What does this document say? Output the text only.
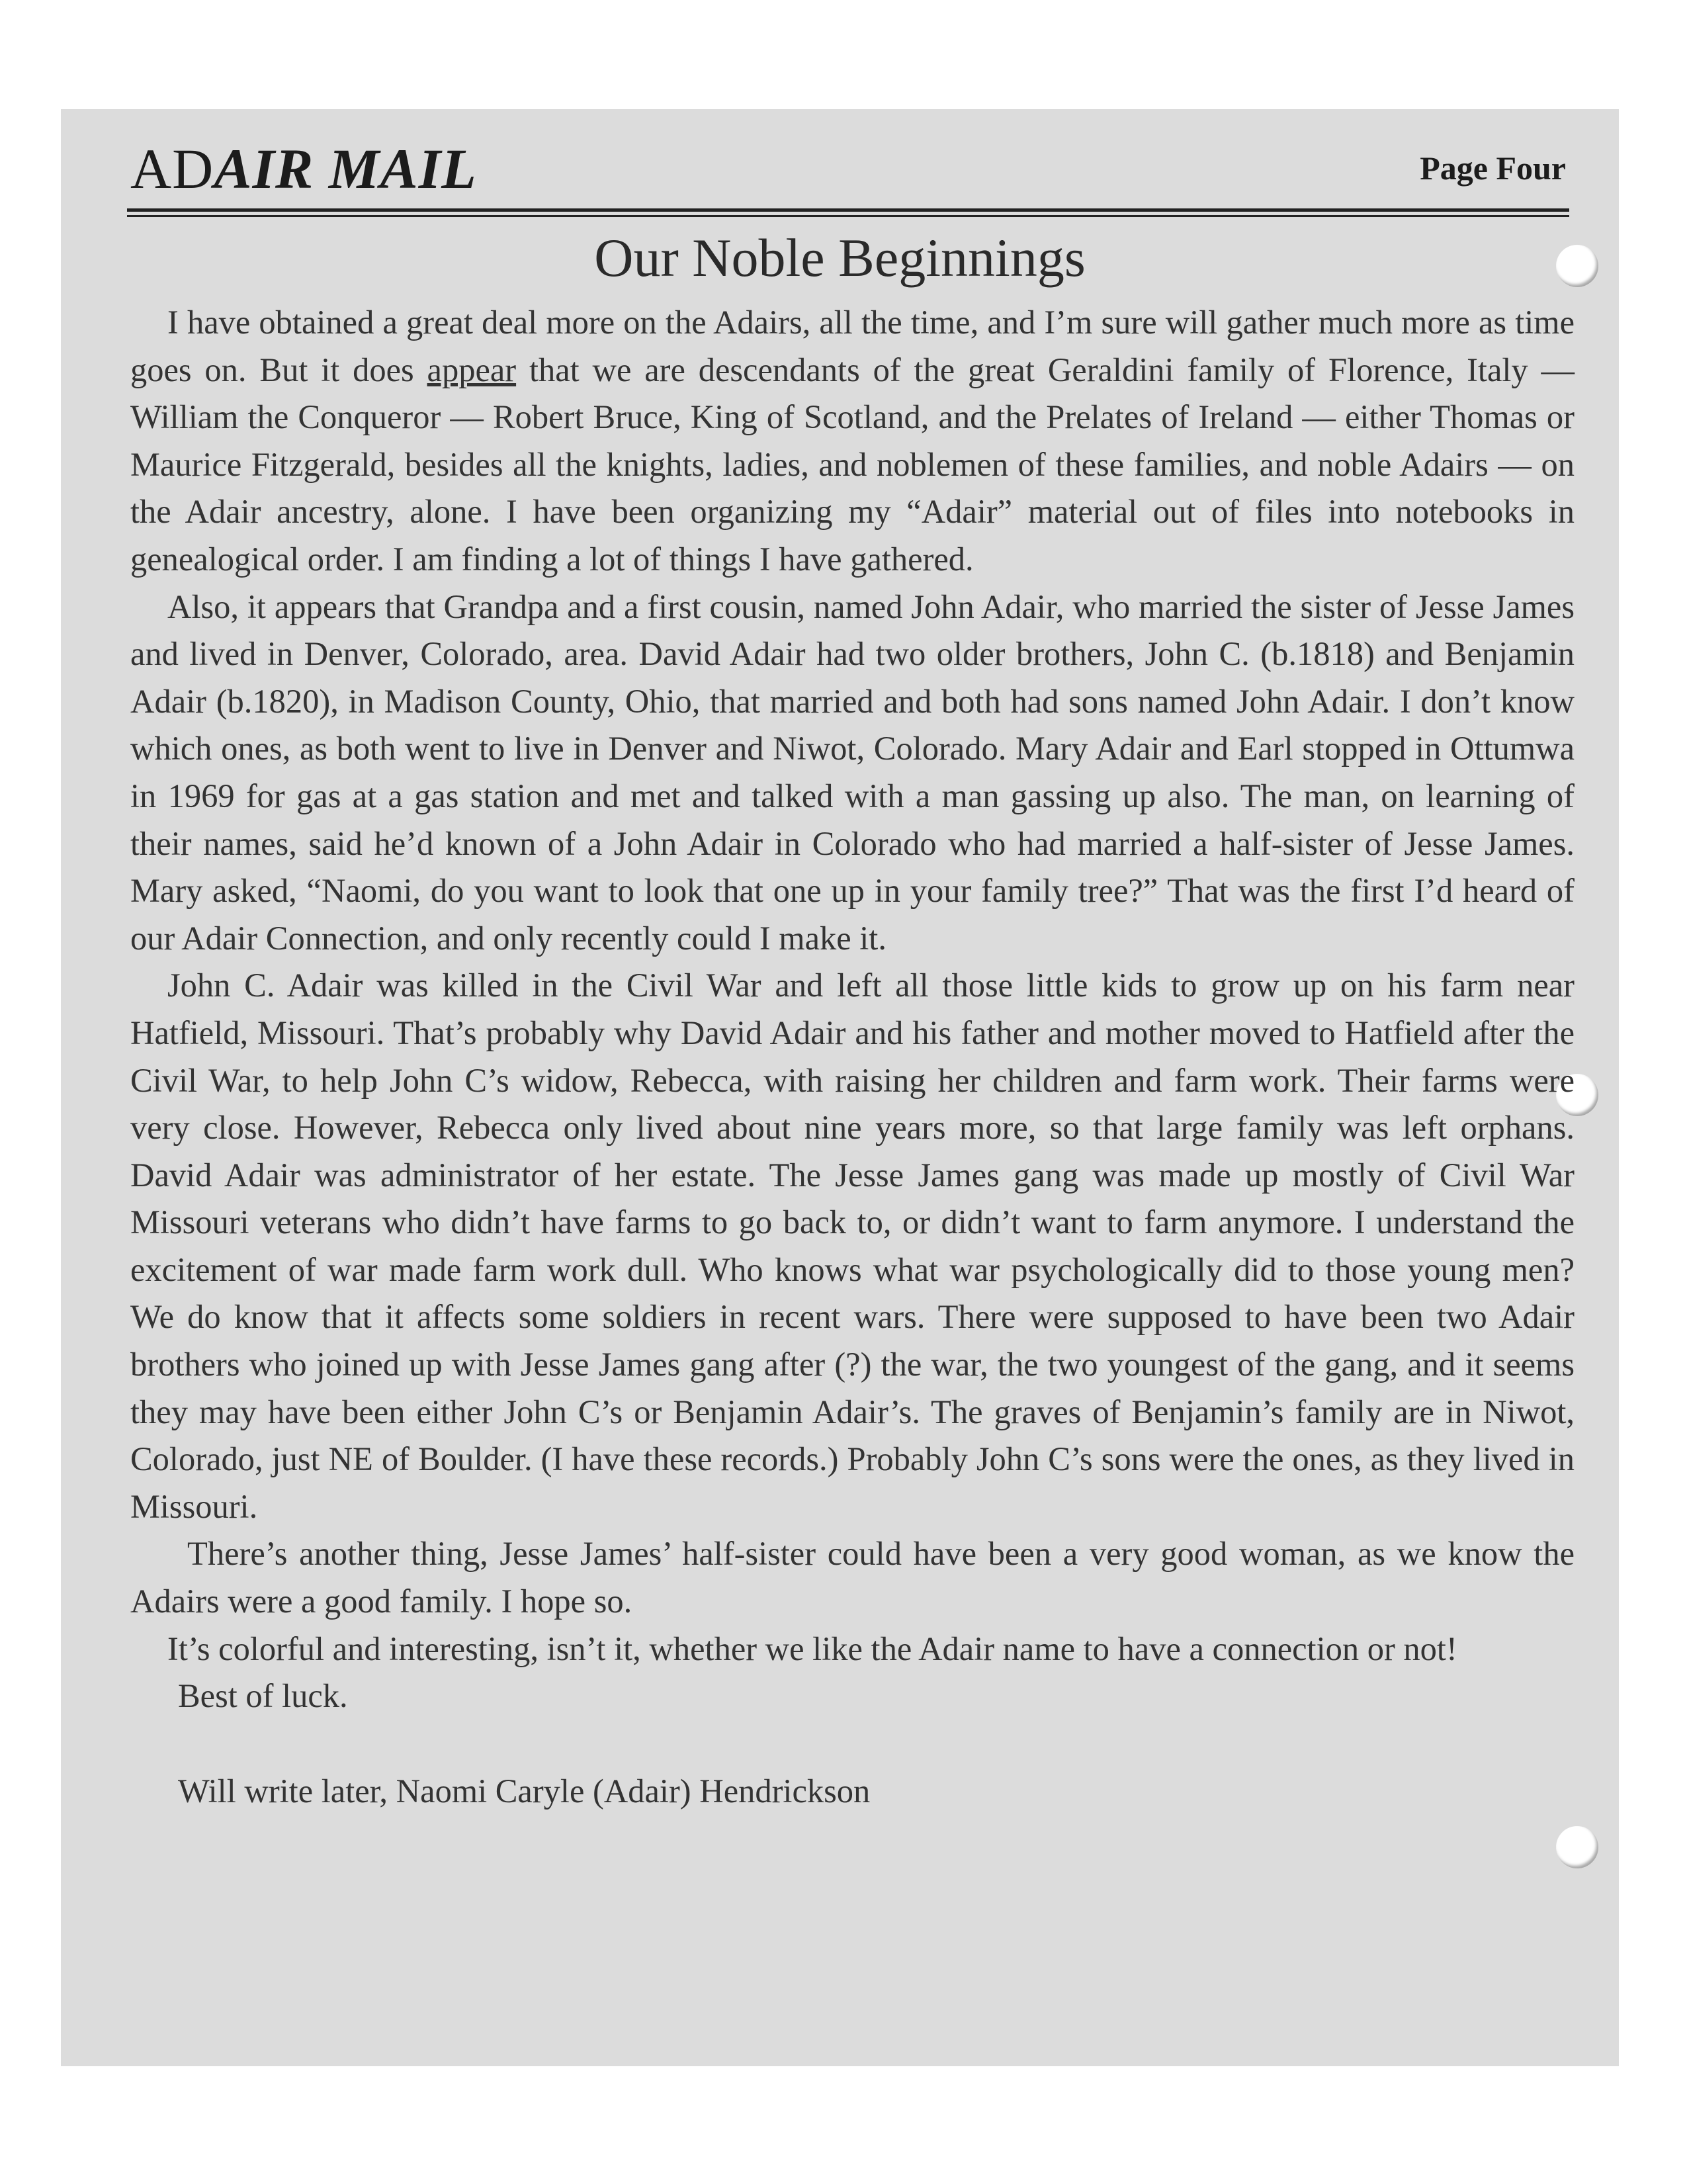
ADAIR MAIL	Page Four
Our Noble Beginnings

I have obtained a great deal more on the Adairs, all the time, and I’m sure will gather much more as time goes on. But it does appear that we are descendants of the great Geraldini family of Florence, Italy — William the Conqueror — Robert Bruce, King of Scotland, and the Prelates of Ireland — either Thomas or Maurice Fitzgerald, besides all the knights, ladies, and noblemen of these families, and noble Adairs — on the Adair ancestry, alone. I have been organizing my “Adair” material out of files into notebooks in genealogical order. I am finding a lot of things I have gathered.

Also, it appears that Grandpa and a first cousin, named John Adair, who married the sister of Jesse James and lived in Denver, Colorado, area. David Adair had two older brothers, John C. (b.1818) and Benjamin Adair (b.1820), in Madison County, Ohio, that married and both had sons named John Adair. I don’t know which ones, as both went to live in Denver and Niwot, Colorado. Mary Adair and Earl stopped in Ottumwa in 1969 for gas at a gas station and met and talked with a man gassing up also. The man, on learning of their names, said he’d known of a John Adair in Colorado who had married a half-sister of Jesse James. Mary asked, “Naomi, do you want to look that one up in your family tree?” That was the first I’d heard of our Adair Connection, and only recently could I make it.

John C. Adair was killed in the Civil War and left all those little kids to grow up on his farm near Hatfield, Missouri. That’s probably why David Adair and his father and mother moved to Hatfield after the Civil War, to help John C’s widow, Rebecca, with raising her children and farm work. Their farms were very close. However, Rebecca only lived about nine years more, so that large family was left orphans. David Adair was administrator of her estate. The Jesse James gang was made up mostly of Civil War Missouri veterans who didn’t have farms to go back to, or didn’t want to farm anymore. I understand the excitement of war made farm work dull. Who knows what war psychologically did to those young men? We do know that it affects some soldiers in recent wars. There were supposed to have been two Adair brothers who joined up with Jesse James gang after (?) the war, the two youngest of the gang, and it seems they may have been either John C’s or Benjamin Adair’s. The graves of Benjamin’s family are in Niwot, Colorado, just NE of Boulder. (I have these records.) Probably John C’s sons were the ones, as they lived in Missouri.

There’s another thing, Jesse James’ half-sister could have been a very good woman, as we know the Adairs were a good family. I hope so.

It’s colorful and interesting, isn’t it, whether we like the Adair name to have a connection or not!

Best of luck.

Will write later, Naomi Caryle (Adair) Hendrickson
